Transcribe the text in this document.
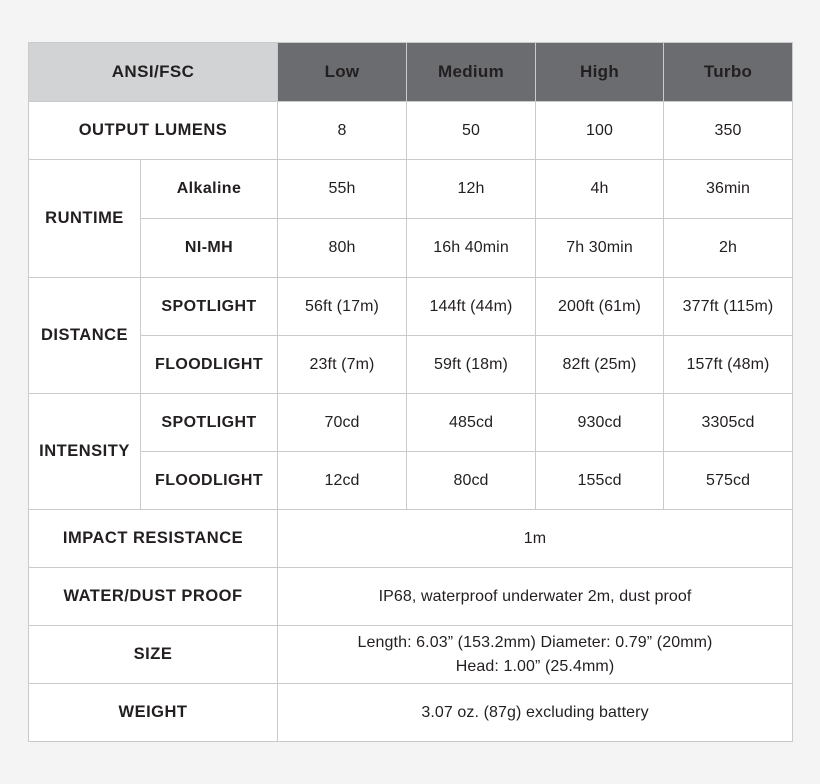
ANSI/FSC		Low	Medium	High	Turbo
OUTPUT LUMENS		8	50	100	350
RUNTIME	Alkaline	55h	12h	4h	36min
	NI-MH	80h	16h 40min	7h 30min	2h
DISTANCE	SPOTLIGHT	56ft (17m)	144ft (44m)	200ft (61m)	377ft (115m)
	FLOODLIGHT	23ft (7m)	59ft (18m)	82ft (25m)	157ft (48m)
INTENSITY	SPOTLIGHT	70cd	485cd	930cd	3305cd
	FLOODLIGHT	12cd	80cd	155cd	575cd
IMPACT RESISTANCE		1m			
WATER/DUST PROOF		IP68, waterproof underwater 2m, dust proof			
SIZE		Length: 6.03” (153.2mm) Diameter: 0.79” (20mm)
Head: 1.00” (25.4mm)			

WEIGHT		3.07 oz. (87g) excluding battery			
